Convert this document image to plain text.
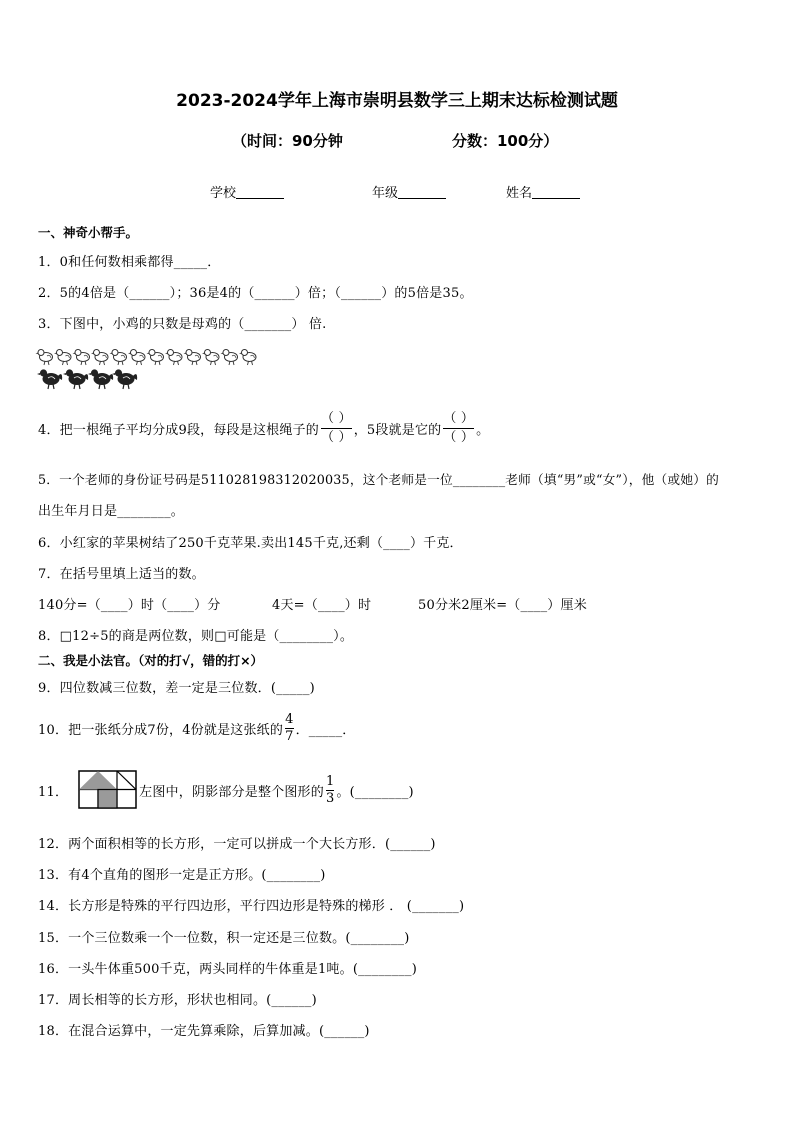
2023-2024学年上海市崇明县数学三上期末达标检测试题
（时间：90分钟	分数：100分）
学校	年级	姓名
一、神奇小帮手。
1．0和任何数相乘都得_____．
2．5的4倍是（______）；36是4的（______）倍；（______）的5倍是35。
3．下图中，小鸡的只数是母鸡的（_______） 倍.
4．把一根绳子平均分成9段，每段是这根绳子的 $\frac{( )}{( )}$ ，5段就是它的 $\frac{( )}{( )}$ 。
5．一个老师的身份证号码是511028198312020035，这个老师是一位________老师（填“男”或“女”），他（或她）的
出生年月日是________。
6．小红家的苹果树结了250千克苹果.卖出145千克,还剩（____）千克．
7．在括号里填上适当的数。
140分=（____）时（____）分	4天=（____）时	50分米2厘米=（____）厘米
8．□12÷5的商是两位数，则□可能是（________）。
二、我是小法官。（对的打√，错的打×）
9．四位数减三位数，差一定是三位数．(_____)
10．把一张纸分成7份，4份就是这张纸的 $\frac{4}{7}$ ．_____．
11．	左图中，阴影部分是整个图形的 $\frac{1}{3}$ 。(________)
12．两个面积相等的长方形，一定可以拼成一个大长方形．(______)
13．有4个直角的图形一定是正方形。(________)
14．长方形是特殊的平行四边形，平行四边形是特殊的梯形 ． (_______)
15．一个三位数乘一个一位数，积一定还是三位数。(________)
16．一头牛体重500千克，两头同样的牛体重是1吨。(________)
17．周长相等的长方形，形状也相同。(______)
18．在混合运算中，一定先算乘除，后算加减。(______)
